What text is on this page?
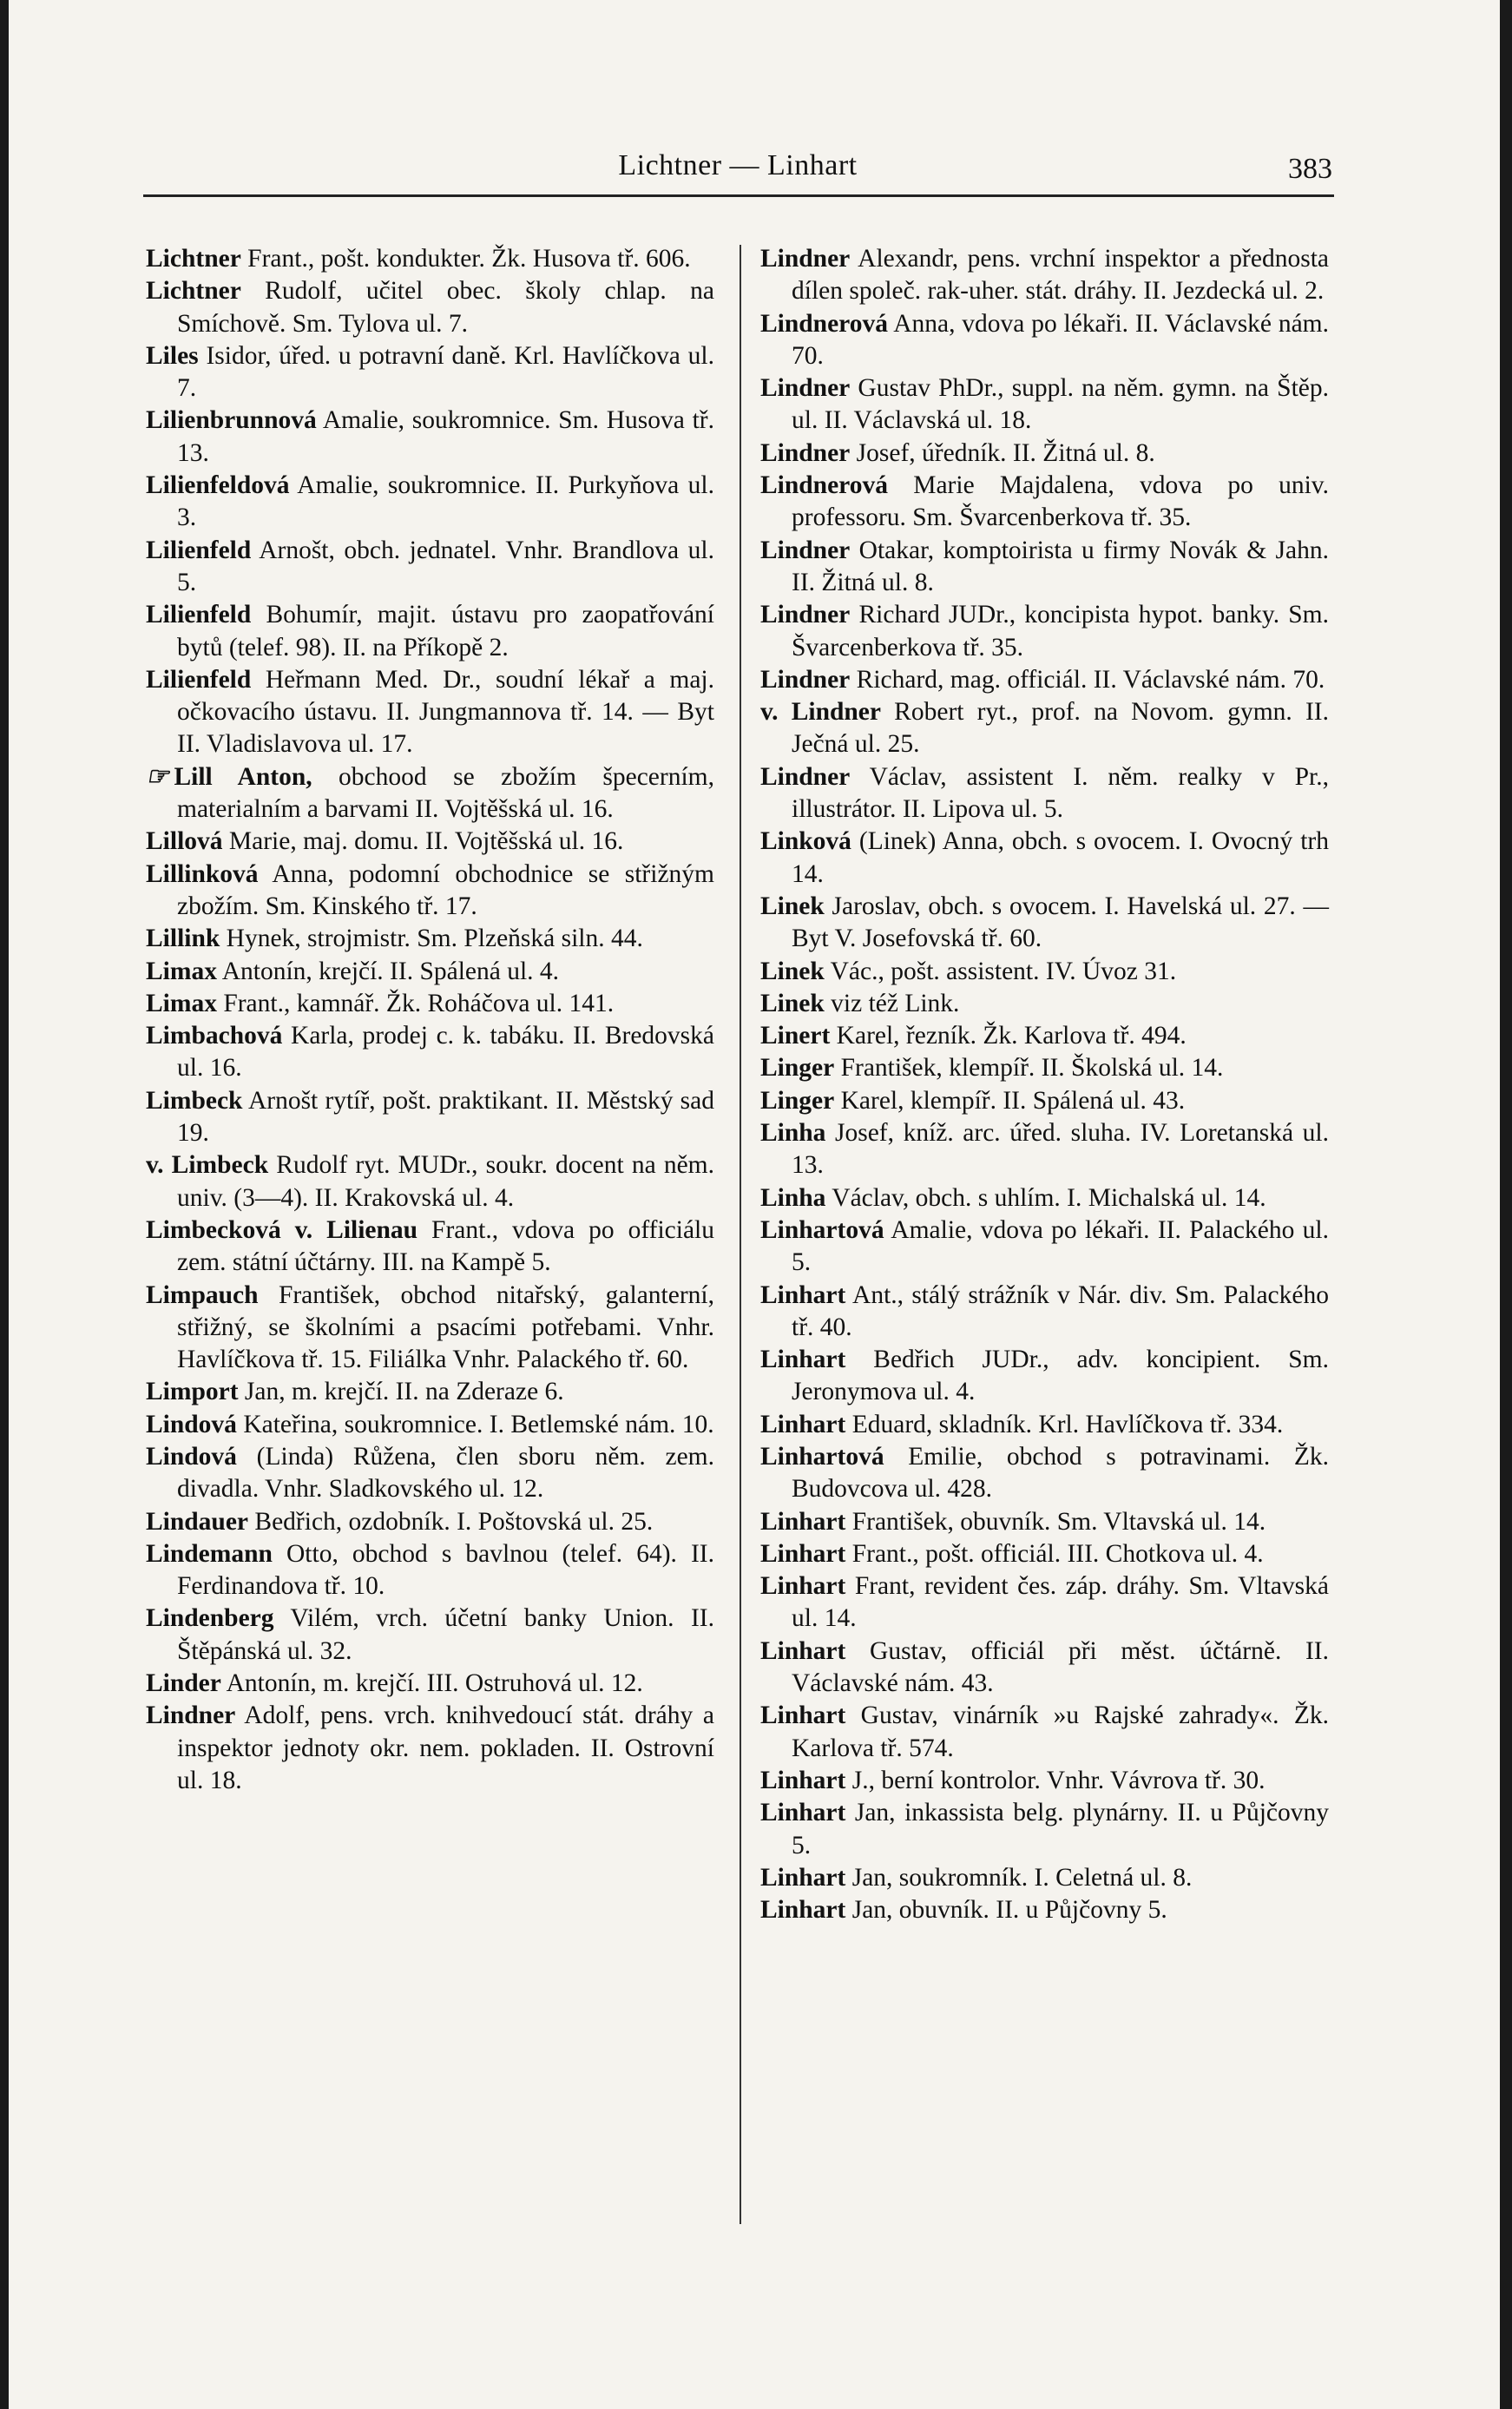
Lichtner — Linhart	383

Lichtner Frant., pošt. kondukter. Žk. Husova tř. 606.

Lichtner Rudolf, učitel obec. školy chlap. na Smíchově. Sm. Tylova ul. 7.

Liles Isidor, úřed. u potravní daně. Krl. Havlíčkova ul. 7.

Lilienbrunnová Amalie, soukromnice. Sm. Husova tř. 13.

Lilienfeldová Amalie, soukromnice. II. Purkyňova ul. 3.

Lilienfeld Arnošt, obch. jednatel. Vnhr. Brandlova ul. 5.

Lilienfeld Bohumír, majit. ústavu pro zaopatřování bytů (telef. 98). II. na Příkopě 2.

Lilienfeld Heřmann Med. Dr., soudní lékař a maj. očkovacího ústavu. II. Jungmannova tř. 14. — Byt II. Vladislavova ul. 17.

☞ Lill Anton, obchood se zbožím špecerním, materialním a barvami II. Vojtěšská ul. 16.

Lillová Marie, maj. domu. II. Vojtěšská ul. 16.

Lillinková Anna, podomní obchodnice se střižným zbožím. Sm. Kinského tř. 17.

Lillink Hynek, strojmistr. Sm. Plzeňská siln. 44.

Limax Antonín, krejčí. II. Spálená ul. 4.

Limax Frant., kamnář. Žk. Roháčova ul. 141.

Limbachová Karla, prodej c. k. tabáku. II. Bredovská ul. 16.

Limbeck Arnošt rytíř, pošt. praktikant. II. Městský sad 19.

v. Limbeck Rudolf ryt. MUDr., soukr. docent na něm. univ. (3—4). II. Krakovská ul. 4.

Limbecková v. Lilienau Frant., vdova po officiálu zem. státní účtárny. III. na Kampě 5.

Limpauch František, obchod nitařský, galanterní, střižný, se školními a psacími potřebami. Vnhr. Havlíčkova tř. 15. Filiálka Vnhr. Palackého tř. 60.

Limport Jan, m. krejčí. II. na Zderaze 6.

Lindová Kateřina, soukromnice. I. Betlemské nám. 10.

Lindová (Linda) Růžena, člen sboru něm. zem. divadla. Vnhr. Sladkovského ul. 12.

Lindauer Bedřich, ozdobník. I. Poštovská ul. 25.

Lindemann Otto, obchod s bavlnou (telef. 64). II. Ferdinandova tř. 10.

Lindenberg Vilém, vrch. účetní banky Union. II. Štěpánská ul. 32.

Linder Antonín, m. krejčí. III. Ostruhová ul. 12.

Lindner Adolf, pens. vrch. knihvedoucí stát. dráhy a inspektor jednoty okr. nem. pokladen. II. Ostrovní ul. 18.

Lindner Alexandr, pens. vrchní inspektor a přednosta dílen společ. rak-uher. stát. dráhy. II. Jezdecká ul. 2.

Lindnerová Anna, vdova po lékaři. II. Václavské nám. 70.

Lindner Gustav PhDr., suppl. na něm. gymn. na Štěp. ul. II. Václavská ul. 18.

Lindner Josef, úředník. II. Žitná ul. 8.

Lindnerová Marie Majdalena, vdova po univ. professoru. Sm. Švarcenberkova tř. 35.

Lindner Otakar, komptoirista u firmy Novák & Jahn. II. Žitná ul. 8.

Lindner Richard JUDr., koncipista hypot. banky. Sm. Švarcenberkova tř. 35.

Lindner Richard, mag. officiál. II. Václavské nám. 70.

v. Lindner Robert ryt., prof. na Novom. gymn. II. Ječná ul. 25.

Lindner Václav, assistent I. něm. realky v Pr., illustrátor. II. Lipova ul. 5.

Linková (Linek) Anna, obch. s ovocem. I. Ovocný trh 14.

Linek Jaroslav, obch. s ovocem. I. Havelská ul. 27. — Byt V. Josefovská tř. 60.

Linek Vác., pošt. assistent. IV. Úvoz 31.

Linek viz též Link.

Linert Karel, řezník. Žk. Karlova tř. 494.

Linger František, klempíř. II. Školská ul. 14.

Linger Karel, klempíř. II. Spálená ul. 43.

Linha Josef, kníž. arc. úřed. sluha. IV. Loretanská ul. 13.

Linha Václav, obch. s uhlím. I. Michalská ul. 14.

Linhartová Amalie, vdova po lékaři. II. Palackého ul. 5.

Linhart Ant., stálý strážník v Nár. div. Sm. Palackého tř. 40.

Linhart Bedřich JUDr., adv. koncipient. Sm. Jeronymova ul. 4.

Linhart Eduard, skladník. Krl. Havlíčkova tř. 334.

Linhartová Emilie, obchod s potravinami. Žk. Budovcova ul. 428.

Linhart František, obuvník. Sm. Vltavská ul. 14.

Linhart Frant., pošt. officiál. III. Chotkova ul. 4.

Linhart Frant, revident čes. záp. dráhy. Sm. Vltavská ul. 14.

Linhart Gustav, officiál při měst. účtárně. II. Václavské nám. 43.

Linhart Gustav, vinárník »u Rajské zahrady«. Žk. Karlova tř. 574.

Linhart J., berní kontrolor. Vnhr. Vávrova tř. 30.

Linhart Jan, inkassista belg. plynárny. II. u Půjčovny 5.

Linhart Jan, soukromník. I. Celetná ul. 8.

Linhart Jan, obuvník. II. u Půjčovny 5.
